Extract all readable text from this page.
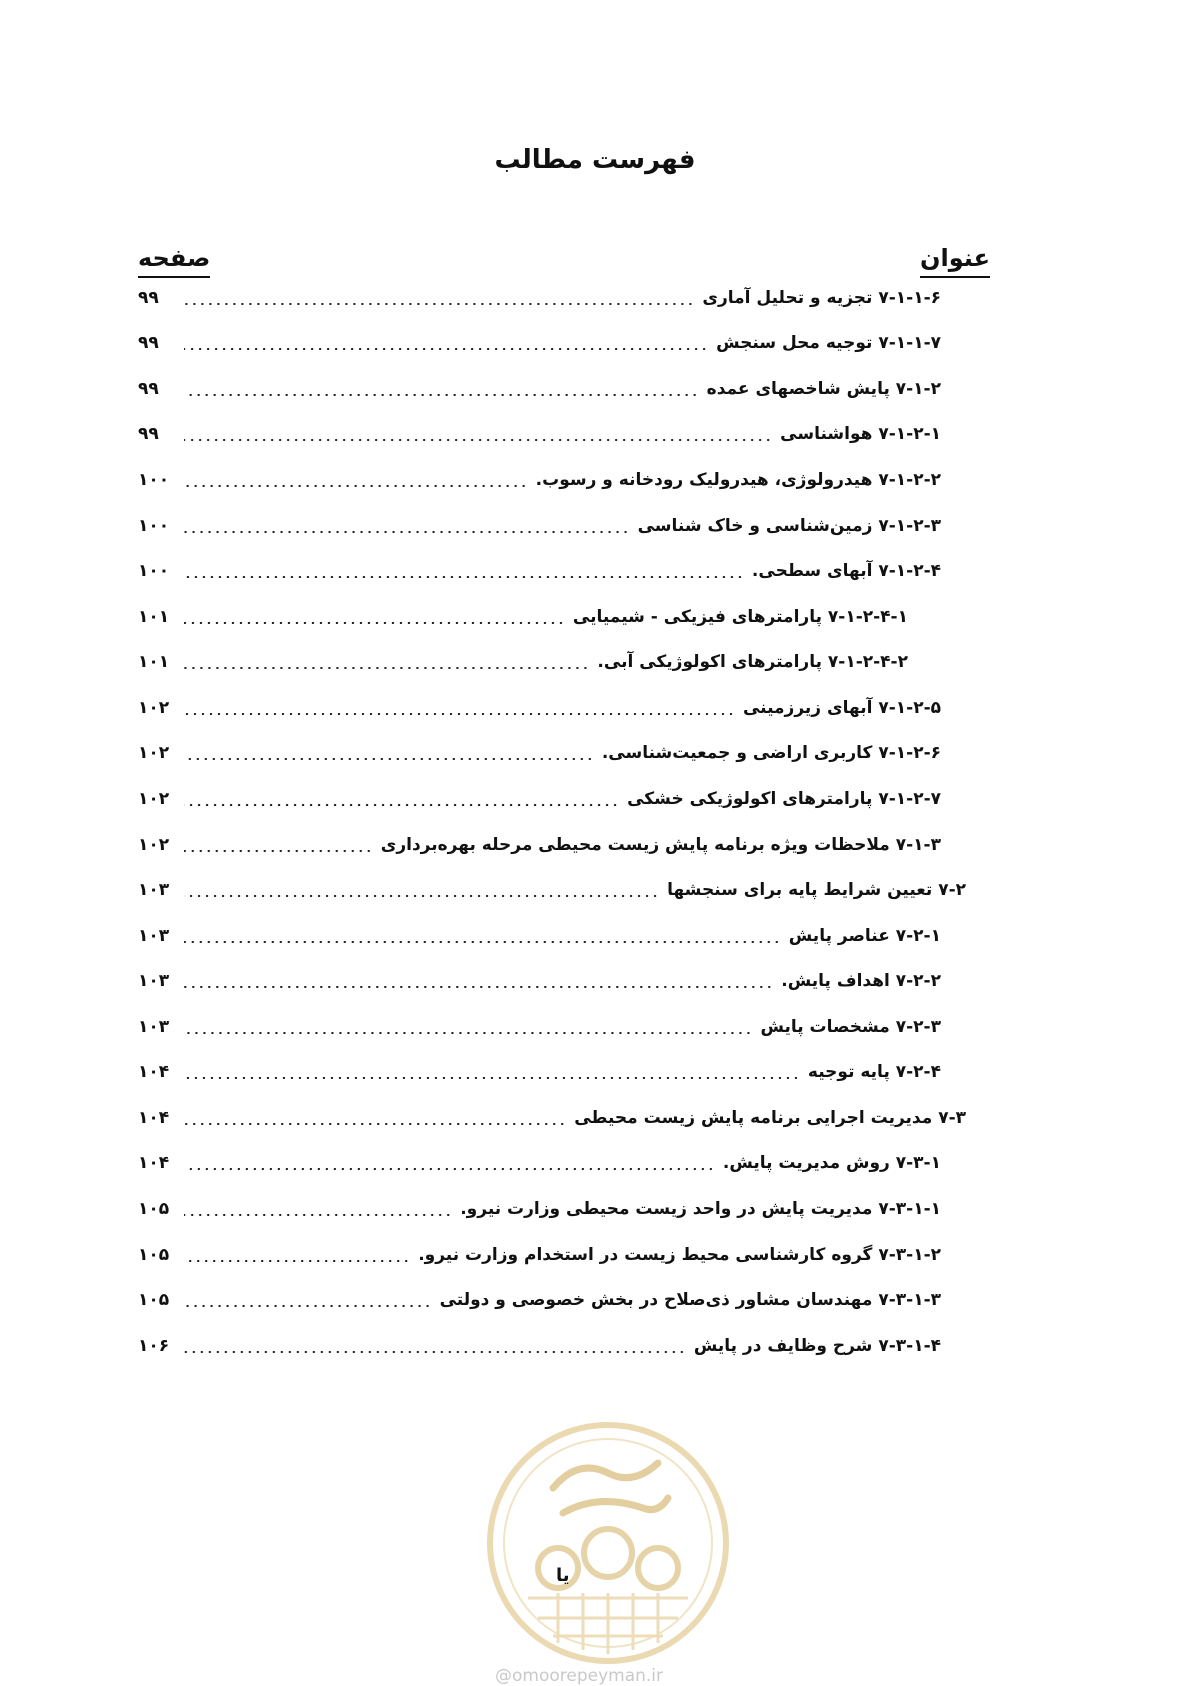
فهرست مطالب
عنوان
صفحه
۷-۱-۱-۶ تجزیه و تحلیل آماری
۹۹
۷-۱-۱-۷ توجیه محل سنجش
۹۹
۷-۱-۲ پایش شاخصهای عمده
۹۹
۷-۱-۲-۱ هواشناسی
۹۹
۷-۱-۲-۲ هیدرولوژی، هیدرولیک رودخانه و رسوب.
۱۰۰
۷-۱-۲-۳ زمین‌شناسی و خاک شناسی
۱۰۰
۷-۱-۲-۴ آبهای سطحی.
۱۰۰
۷-۱-۲-۴-۱ پارامترهای فیزیکی - شیمیایی
۱۰۱
۷-۱-۲-۴-۲ پارامترهای اکولوژیکی آبی.
۱۰۱
۷-۱-۲-۵ آبهای زیرزمینی
۱۰۲
۷-۱-۲-۶ کاربری اراضی و جمعیت‌شناسی.
۱۰۲
۷-۱-۲-۷ پارامترهای اکولوژیکی خشکی
۱۰۲
۷-۱-۳ ملاحظات ویژه برنامه پایش زیست محیطی مرحله بهره‌برداری
۱۰۲
۷-۲ تعیین شرایط پایه برای سنجشها
۱۰۳
۷-۲-۱ عناصر پایش
۱۰۳
۷-۲-۲ اهداف پایش.
۱۰۳
۷-۲-۳ مشخصات پایش
۱۰۳
۷-۲-۴ پایه توجیه
۱۰۴
۷-۳ مدیریت اجرایی برنامه پایش زیست محیطی
۱۰۴
۷-۳-۱ روش مدیریت پایش.
۱۰۴
۷-۳-۱-۱ مدیریت پایش در واحد زیست محیطی وزارت نیرو.
۱۰۵
۷-۳-۱-۲ گروه کارشناسی محیط زیست در استخدام وزارت نیرو.
۱۰۵
۷-۳-۱-۳ مهندسان مشاور ذی‌صلاح در بخش خصوصی و دولتی
۱۰۵
۷-۳-۱-۴ شرح وظایف در پایش
۱۰۶
یا
@omoorepeyman.ir
